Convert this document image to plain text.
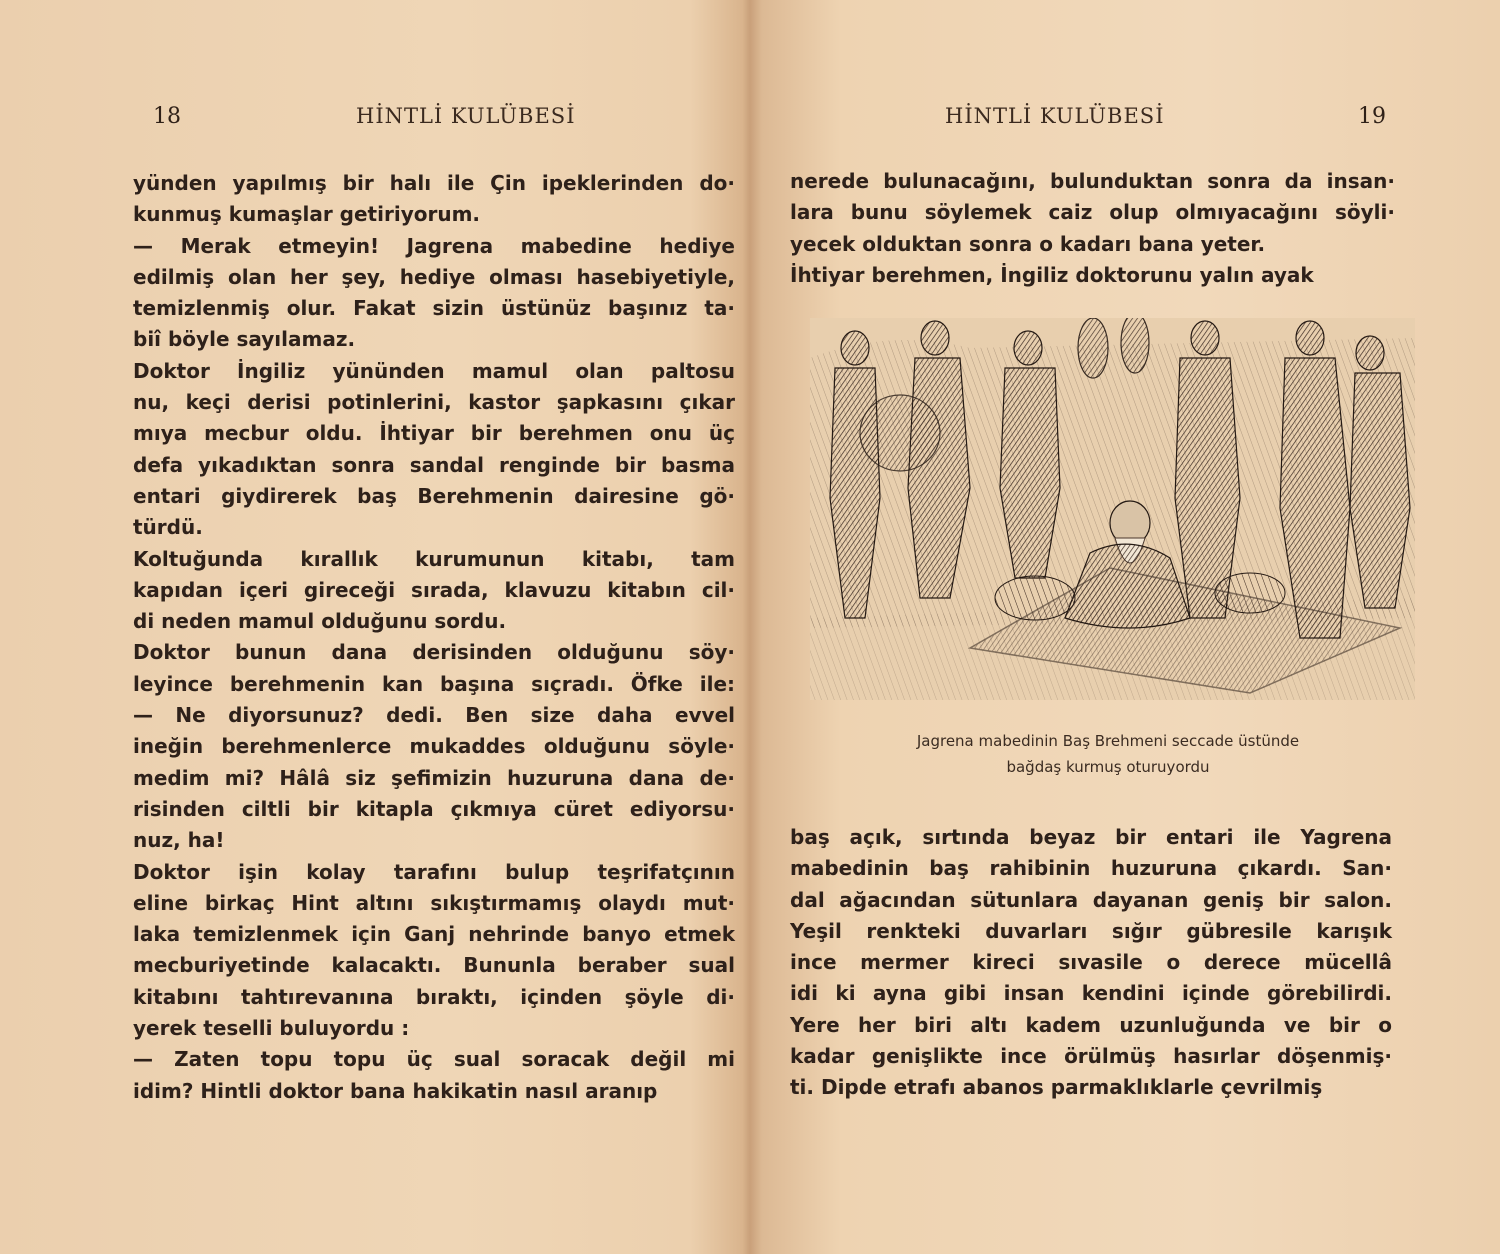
18	HİNTLİ KULÜBESİ
yünden yapılmış bir halı ile Çin ipeklerinden do·
kunmuş kumaşlar getiriyorum.
— Merak etmeyin! Jagrena mabedine hediye
edilmiş olan her şey, hediye olması hasebiyetiyle,
temizlenmiş olur. Fakat sizin üstünüz başınız ta·
biî böyle sayılamaz.
Doktor İngiliz yününden mamul olan paltosu
nu, keçi derisi potinlerini, kastor şapkasını çıkar
mıya mecbur oldu. İhtiyar bir berehmen onu üç
defa yıkadıktan sonra sandal renginde bir basma
entari giydirerek baş Berehmenin dairesine gö·
türdü.
Koltuğunda kırallık kurumunun kitabı, tam
kapıdan içeri gireceği sırada, klavuzu kitabın cil·
di neden mamul olduğunu sordu.
Doktor bunun dana derisinden olduğunu söy·
leyince berehmenin kan başına sıçradı. Öfke ile:
— Ne diyorsunuz? dedi. Ben size daha evvel
ineğin berehmenlerce mukaddes olduğunu söyle·
medim mi? Hâlâ siz şefimizin huzuruna dana de·
risinden ciltli bir kitapla çıkmıya cüret ediyorsu·
nuz, ha!
Doktor işin kolay tarafını bulup teşrifatçının
eline birkaç Hint altını sıkıştırmamış olaydı mut·
laka temizlenmek için Ganj nehrinde banyo etmek
mecburiyetinde kalacaktı. Bununla beraber sual
kitabını tahtırevanına bıraktı, içinden şöyle di·
yerek teselli buluyordu :
— Zaten topu topu üç sual soracak değil mi
idim? Hintli doktor bana hakikatin nasıl aranıp
HİNTLİ KULÜBESİ	19
nerede bulunacağını, bulunduktan sonra da insan·
lara bunu söylemek caiz olup olmıyacağını söyli·
yecek olduktan sonra o kadarı bana yeter.
İhtiyar berehmen, İngiliz doktorunu yalın ayak
Jagrena mabedinin Baş Brehmeni seccade üstünde
bağdaş kurmuş oturuyordu
baş açık, sırtında beyaz bir entari ile Yagrena
mabedinin baş rahibinin huzuruna çıkardı. San·
dal ağacından sütunlara dayanan geniş bir salon.
Yeşil renkteki duvarları sığır gübresile karışık
ince mermer kireci sıvasile o derece mücellâ
idi ki ayna gibi insan kendini içinde görebilirdi.
Yere her biri altı kadem uzunluğunda ve bir o
kadar genişlikte ince örülmüş hasırlar döşenmiş·
ti. Dipde etrafı abanos parmaklıklarle çevrilmiş
